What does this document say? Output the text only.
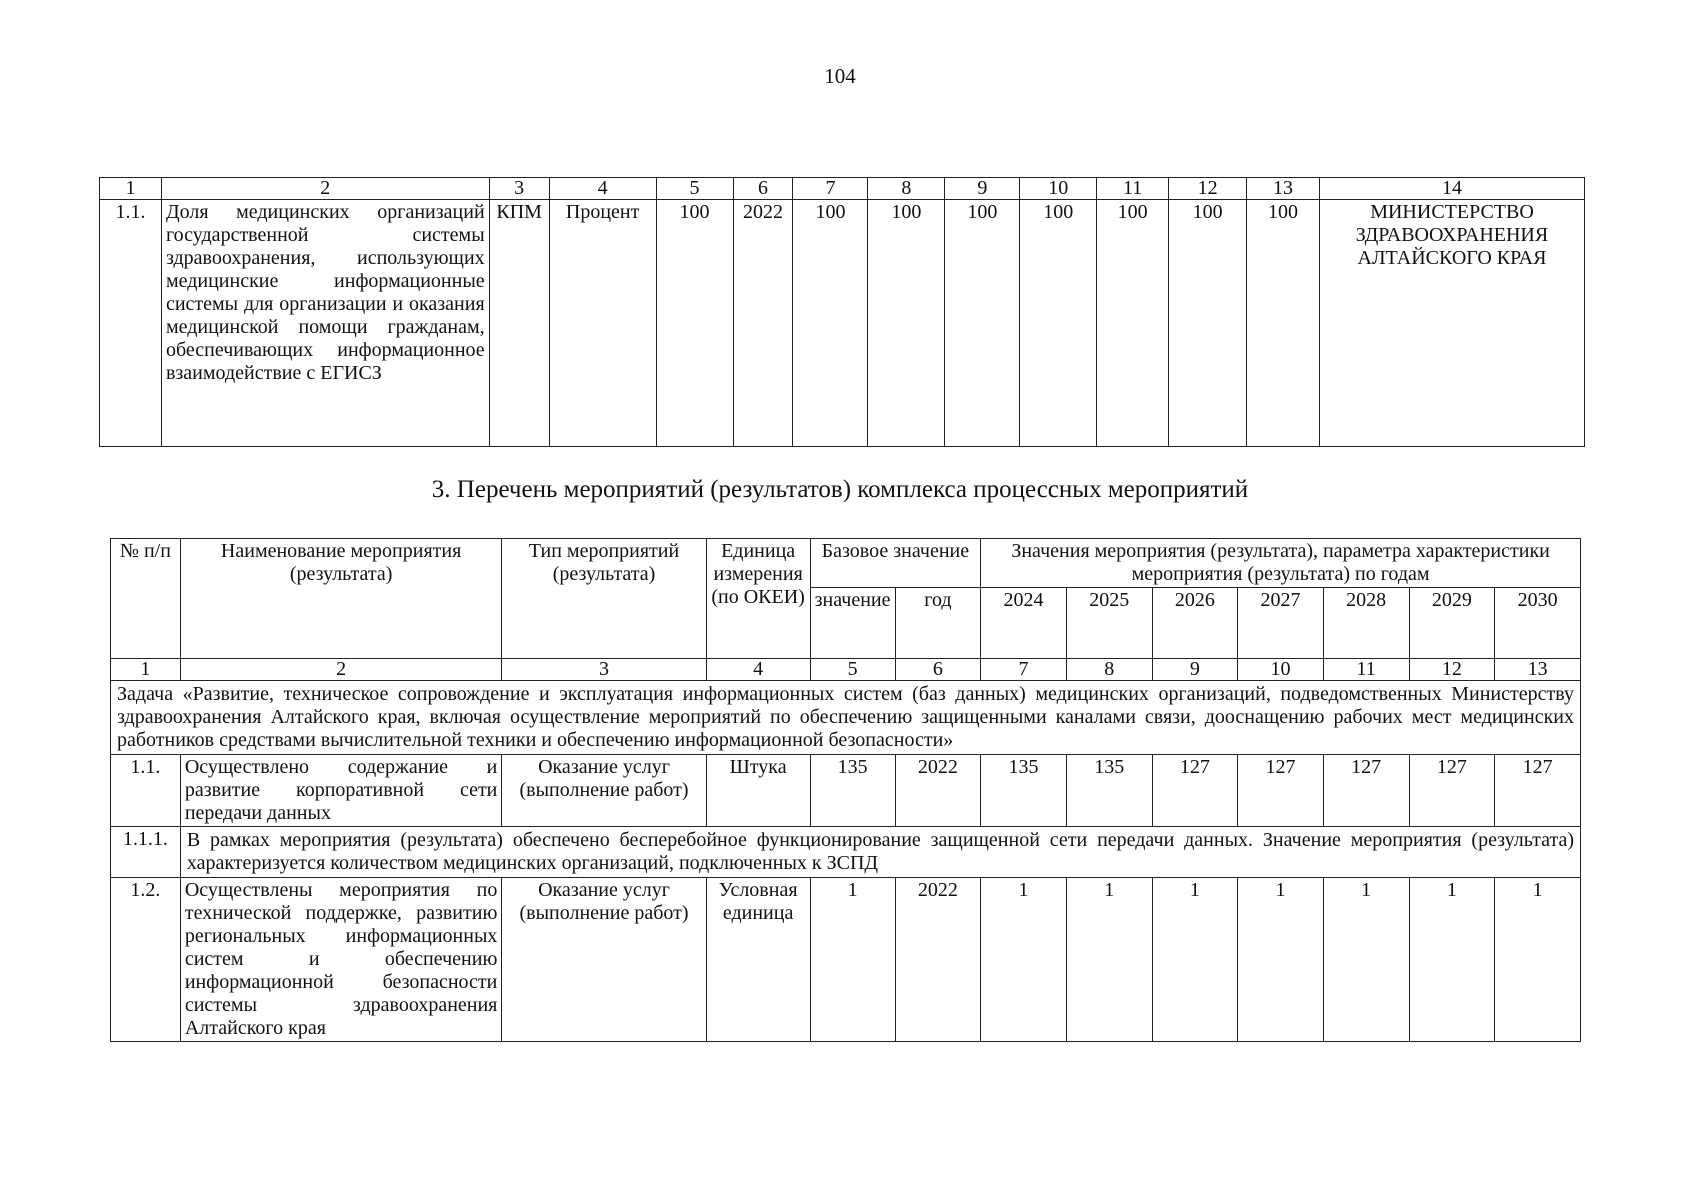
104
1	2	3	4	5	6	7	8	9	10	11	12	13	14
1.1.	Доля медицинских организаций государственной системы здравоохранения, использующих медицинские информационные системы для организации и оказания медицинской помощи гражданам, обеспечивающих информационное взаимодействие с ЕГИСЗ	КПМ	Процент	100	2022	100	100	100	100	100	100	100	МИНИСТЕРСТВО ЗДРАВООХРАНЕНИЯ АЛТАЙСКОГО КРАЯ
3. Перечень мероприятий (результатов) комплекса процессных мероприятий
№ п/п	Наименование мероприятия (результата)	Тип мероприятий (результата)	Единица измерения (по ОКЕИ)	Базовое значение		Значения мероприятия (результата), параметра характеристики мероприятия (результата) по годам						
				значение	год	2024	2025	2026	2027	2028	2029	2030
1	2	3	4	5	6	7	8	9	10	11	12	13
Задача «Развитие, техническое сопровождение и эксплуатация информационных систем (баз данных) медицинских организаций, подведомственных Министерству здравоохранения Алтайского края, включая осуществление мероприятий по обеспечению защищенными каналами связи, дооснащению рабочих мест медицинских работников средствами вычислительной техники и обеспечению информационной безопасности»												
1.1.	Осуществлено содержание и развитие корпоративной сети передачи данных	Оказание услуг (выполнение работ)	Штука	135	2022	135	135	127	127	127	127	127
1.1.1.	В рамках мероприятия (результата) обеспечено бесперебойное функционирование защищенной сети передачи данных. Значение мероприятия (результата) характеризуется количеством медицинских организаций, подключенных к ЗСПД											
1.2.	Осуществлены мероприятия по технической поддержке, развитию региональных информационных систем и обеспечению информационной безопасности системы здравоохранения Алтайского края	Оказание услуг (выполнение работ)	Условная единица	1	2022	1	1	1	1	1	1	1
